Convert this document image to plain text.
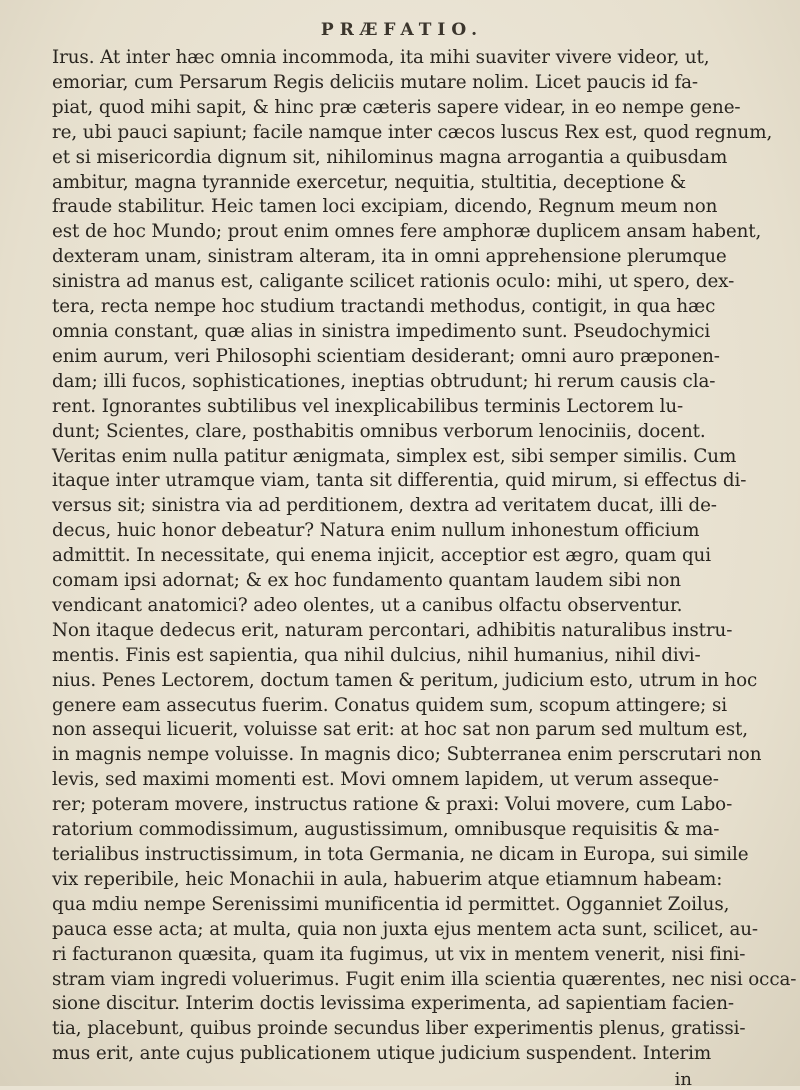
PRÆFATIO.

Irus. At inter hæc omnia incommoda, ita mihi suaviter vivere videor, ut,

emoriar, cum Persarum Regis deliciis mutare nolim. Licet paucis id fa-

piat, quod mihi sapit, & hinc præ cæteris sapere videar, in eo nempe gene-

re, ubi pauci sapiunt; facile namque inter cæcos luscus Rex est, quod regnum,

et si misericordia dignum sit, nihilominus magna arrogantia a quibusdam

ambitur, magna tyrannide exercetur, nequitia, stultitia, deceptione &

fraude stabilitur. Heic tamen loci excipiam, dicendo, Regnum meum non

est de hoc Mundo; prout enim omnes fere amphoræ duplicem ansam habent,

dexteram unam, sinistram alteram, ita in omni apprehensione plerumque

sinistra ad manus est, caligante scilicet rationis oculo: mihi, ut spero, dex-

tera, recta nempe hoc studium tractandi methodus, contigit, in qua hæc

omnia constant, quæ alias in sinistra impedimento sunt. Pseudochymici

enim aurum, veri Philosophi scientiam desiderant; omni auro præponen-

dam; illi fucos, sophisticationes, ineptias obtrudunt; hi rerum causis cla-

rent. Ignorantes subtilibus vel inexplicabilibus terminis Lectorem lu-

dunt; Scientes, clare, posthabitis omnibus verborum lenociniis, docent.

Veritas enim nulla patitur ænigmata, simplex est, sibi semper similis. Cum

itaque inter utramque viam, tanta sit differentia, quid mirum, si effectus di-

versus sit; sinistra via ad perditionem, dextra ad veritatem ducat, illi de-

decus, huic honor debeatur? Natura enim nullum inhonestum officium

admittit. In necessitate, qui enema injicit, acceptior est ægro, quam qui

comam ipsi adornat; & ex hoc fundamento quantam laudem sibi non

vendicant anatomici? adeo olentes, ut a canibus olfactu observentur.

Non itaque dedecus erit, naturam percontari, adhibitis naturalibus instru-

mentis. Finis est sapientia, qua nihil dulcius, nihil humanius, nihil divi-

nius. Penes Lectorem, doctum tamen & peritum, judicium esto, utrum in hoc

genere eam assecutus fuerim. Conatus quidem sum, scopum attingere; si

non assequi licuerit, voluisse sat erit: at hoc sat non parum sed multum est,

in magnis nempe voluisse. In magnis dico; Subterranea enim perscrutari non

levis, sed maximi momenti est. Movi omnem lapidem, ut verum assequе-

rer; poteram movere, instructus ratione & praxi: Volui movere, cum Labo-

ratorium commodissimum, augustissimum, omnibusque requisitis & ma-

terialibus instructissimum, in tota Germania, ne dicam in Europa, sui simile

vix reperibile, heic Monachii in aula, habuerim atque etiamnum habeam:

qua mdiu nempe Serenissimi munificentia id permittet. Ogganniet Zoilus,

pauca esse acta; at multa, quia non juxta ejus mentem acta sunt, scilicet, au-

ri facturanon quæsita, quam ita fugimus, ut vix in mentem venerit, nisi fini-

stram viam ingredi voluerimus. Fugit enim illa scientia quærentes, nec nisi occa-

sione discitur. Interim doctis levissima experimenta, ad sapientiam facien-

tia, placebunt, quibus proinde secundus liber experimentis plenus, gratissi-

mus erit, ante cujus publicationem utique judicium suspendent. Interim

in
